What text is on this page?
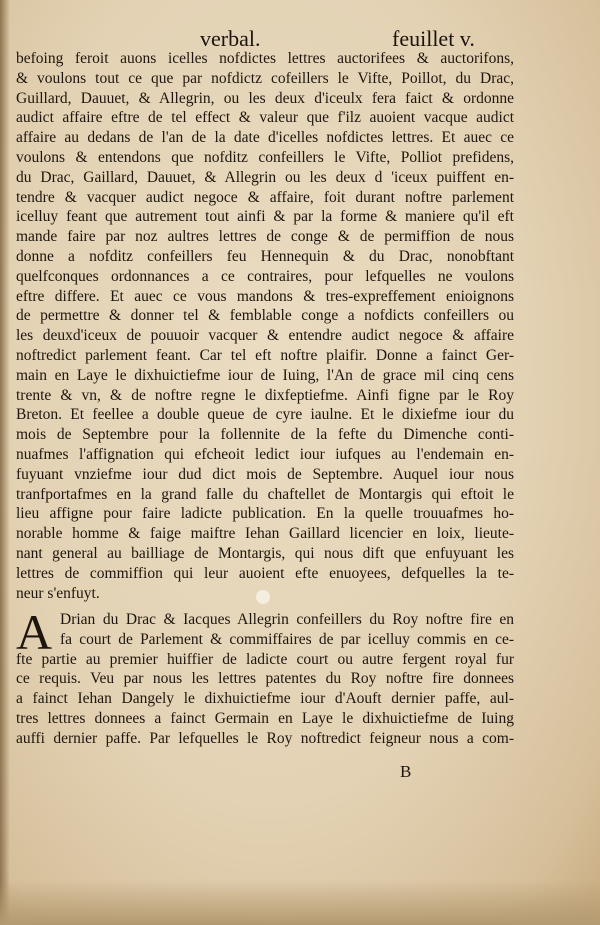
verbal.	feuillet v.
befoing feroit auons icelles nofdictes lettres auctorifees & auctorifons,
& voulons tout ce que par nofdictz cofeillers le Vifte, Poillot, du Drac,
Guillard, Dauuet, & Allegrin, ou les deux d'iceulx fera faict & ordonne
audict affaire eftre de tel effect & valeur que f'ilz auoient vacque audict
affaire au dedans de l'an de la date d'icelles nofdictes lettres. Et auec ce
voulons & entendons que nofditz confeillers le Vifte, Polliot prefidens,
du Drac, Gaillard, Dauuet, & Allegrin ou les deux d 'iceux puiffent en-
tendre & vacquer audict negoce & affaire, foit durant noftre parlement
icelluy feant que autrement tout ainfi & par la forme & maniere qu'il eft
mande faire par noz aultres lettres de conge & de permiffion de nous
donne a nofditz confeillers feu Hennequin & du Drac, nonobftant
quelfconques ordonnances a ce contraires, pour lefquelles ne voulons
eftre differe. Et auec ce vous mandons & tres-expreffement enioignons
de permettre & donner tel & femblable conge a nofdicts confeillers ou
les deuxd'iceux de pouuoir vacquer & entendre audict negoce & affaire
noftredict parlement feant. Car tel eft noftre plaifir. Donne a fainct Ger-
main en Laye le dixhuictiefme iour de Iuing, l'An de grace mil cinq cens
trente & vn, & de noftre regne le dixfeptiefme. Ainfi figne par le Roy
Breton. Et feellee a double queue de cyre iaulne. Et le dixiefme iour du
mois de Septembre pour la follennite de la fefte du Dimenche conti-
nuafmes l'affignation qui efcheoit ledict iour iufques au l'endemain en-
fuyuant vnziefme iour dud dict mois de Septembre. Auquel iour nous
tranfportafmes en la grand falle du chaftellet de Montargis qui eftoit le
lieu affigne pour faire ladicte publication. En la quelle trouuafmes ho-
norable homme & faige maiftre Iehan Gaillard licencier en loix, lieute-
nant general au bailliage de Montargis, qui nous dift que enfuyuant les
lettres de commiffion qui leur auoient efte enuoyees, defquelles la te-
neur s'enfuyt.
A Drian du Drac & Iacques Allegrin confeillers du Roy noftre fire en
fa court de Parlement & commiffaires de par icelluy commis en ce-
fte partie au premier huiffier de ladicte court ou autre fergent royal fur
ce requis. Veu par nous les lettres patentes du Roy noftre fire donnees
a fainct Iehan Dangely le dixhuictiefme iour d'Aouft dernier paffe, aul-
tres lettres donnees a fainct Germain en Laye le dixhuictiefme de Iuing
auffi dernier paffe. Par lefquelles le Roy noftredict feigneur nous a com-
B
